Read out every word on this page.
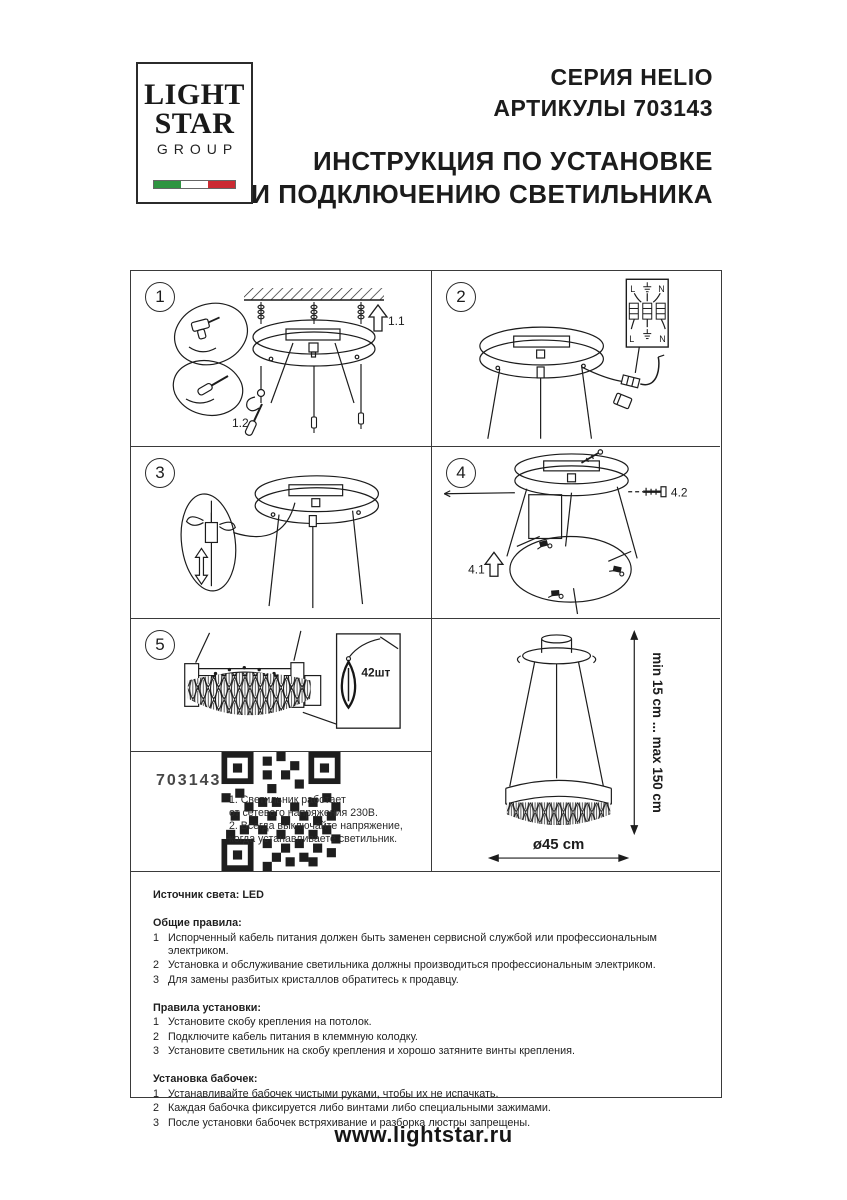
LIGHT
STAR
GROUP
СЕРИЯ HELIO
АРТИКУЛЫ 703143
ИНСТРУКЦИЯ ПО УСТАНОВКЕ
И ПОДКЛЮЧЕНИЮ СВЕТИЛЬНИКА
1
1.1
1.2
2	L	N
L	N
3	4
4.1
4.2
5
42шт	min 15 cm ... max 150 cm
ø45 cm
703143
1. Светильник работает
от сетевого напряжения 230В.
2. Всегда выключайте напряжение,
когда устанавливаете светильник.
Источник света: LED
Общие правила:
1 Испорченный кабель питания должен быть заменен сервисной службой или профессиональным электриком.
2 Установка и обслуживание светильника должны производиться профессиональным электриком.
3 Для замены разбитых кристаллов обратитесь к продавцу.
Правила установки:
1 Установите скобу крепления на потолок.
2 Подключите кабель питания в клеммную колодку.
3 Установите светильник на скобу крепления и хорошо затяните винты крепления.
Установка бабочек:
1 Устанавливайте бабочек чистыми руками, чтобы их не испачкать.
2 Каждая бабочка фиксируется либо винтами либо специальными зажимами.
3 После установки бабочек встряхивание и разборка люстры запрещены.
www.lightstar.ru
